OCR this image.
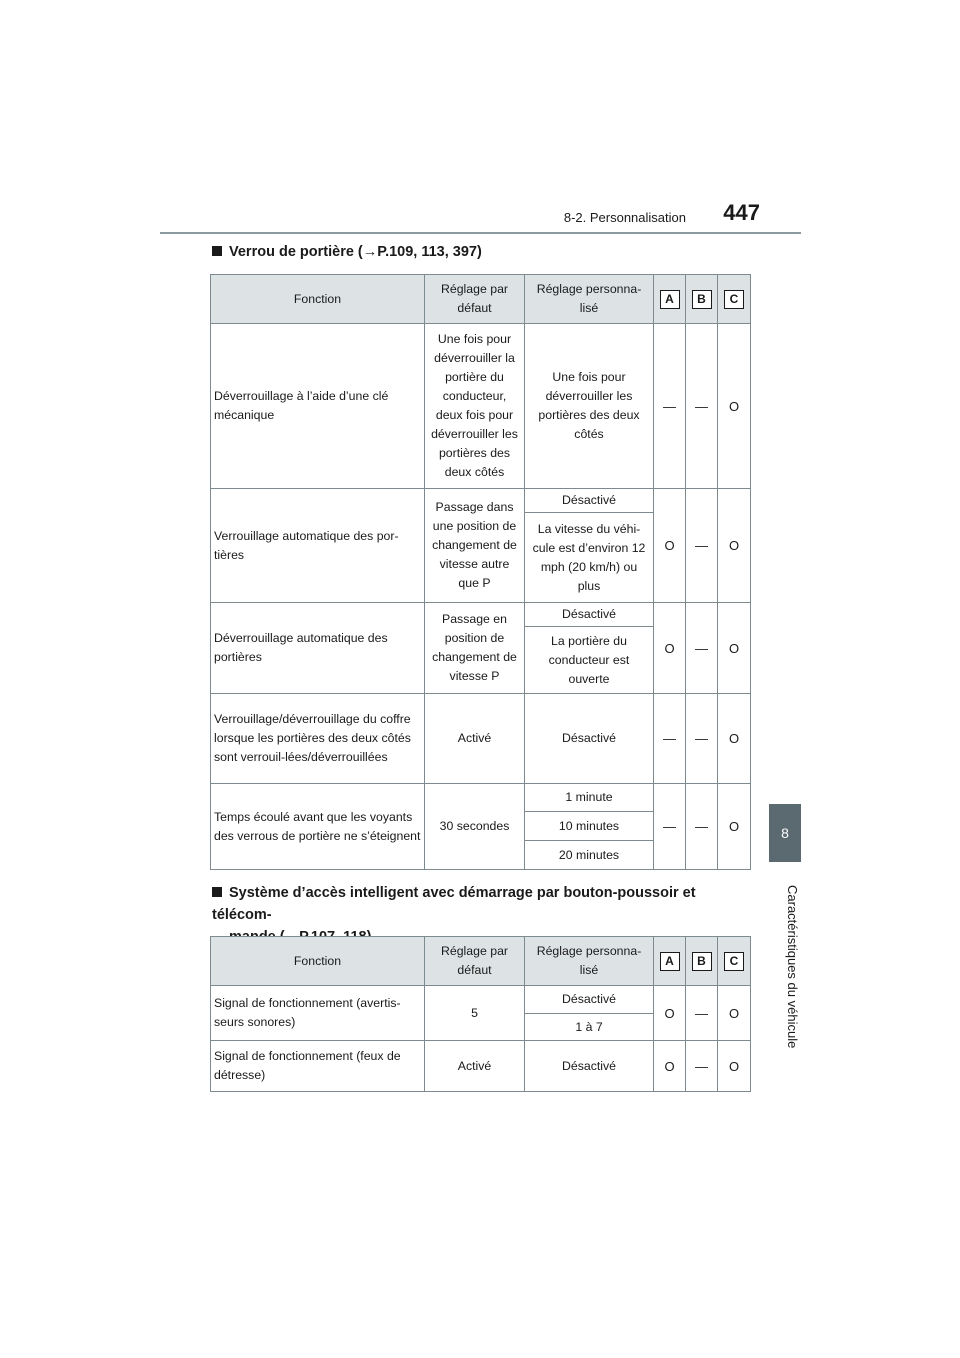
8-2. Personnalisation	447
8
Caractéristiques du véhicule
Verrou de portière (→P.109, 113, 397)
Fonction	Réglage par défaut	Réglage personna-lisé	A	B	C
Déverrouillage à l’aide d’une clé mécanique	Une fois pour déverrouiller la portière du conducteur, deux fois pour déverrouiller les portières des deux côtés	Une fois pour déverrouiller les portières des deux côtés	—	—	O
Verrouillage automatique des por-tières	Passage dans une position de changement de vitesse autre que P	Désactivé	O	—	O
		La vitesse du véhi-cule est d’environ 12 mph (20 km/h) ou plus			
Déverrouillage automatique des portières	Passage en position de changement de vitesse P	Désactivé	O	—	O
		La portière du conducteur est ouverte			
Verrouillage/déverrouillage du coffre lorsque les portières des deux côtés sont verrouil-lées/déverrouillées	Activé	Désactivé	—	—	O
Temps écoulé avant que les voyants des verrous de portière ne s’éteignent	30 secondes	1 minute	—	—	O
		10 minutes			
		20 minutes			
Système d’accès intelligent avec démarrage par bouton-poussoir et télécom-

Fonction	Réglage par défaut	Réglage personna-lisé	A	B	C
Signal de fonctionnement (avertis-seurs sonores)	5	Désactivé	O	—	O
		1 à 7			
Signal de fonctionnement (feux de détresse)	Activé	Désactivé	O	—	O
